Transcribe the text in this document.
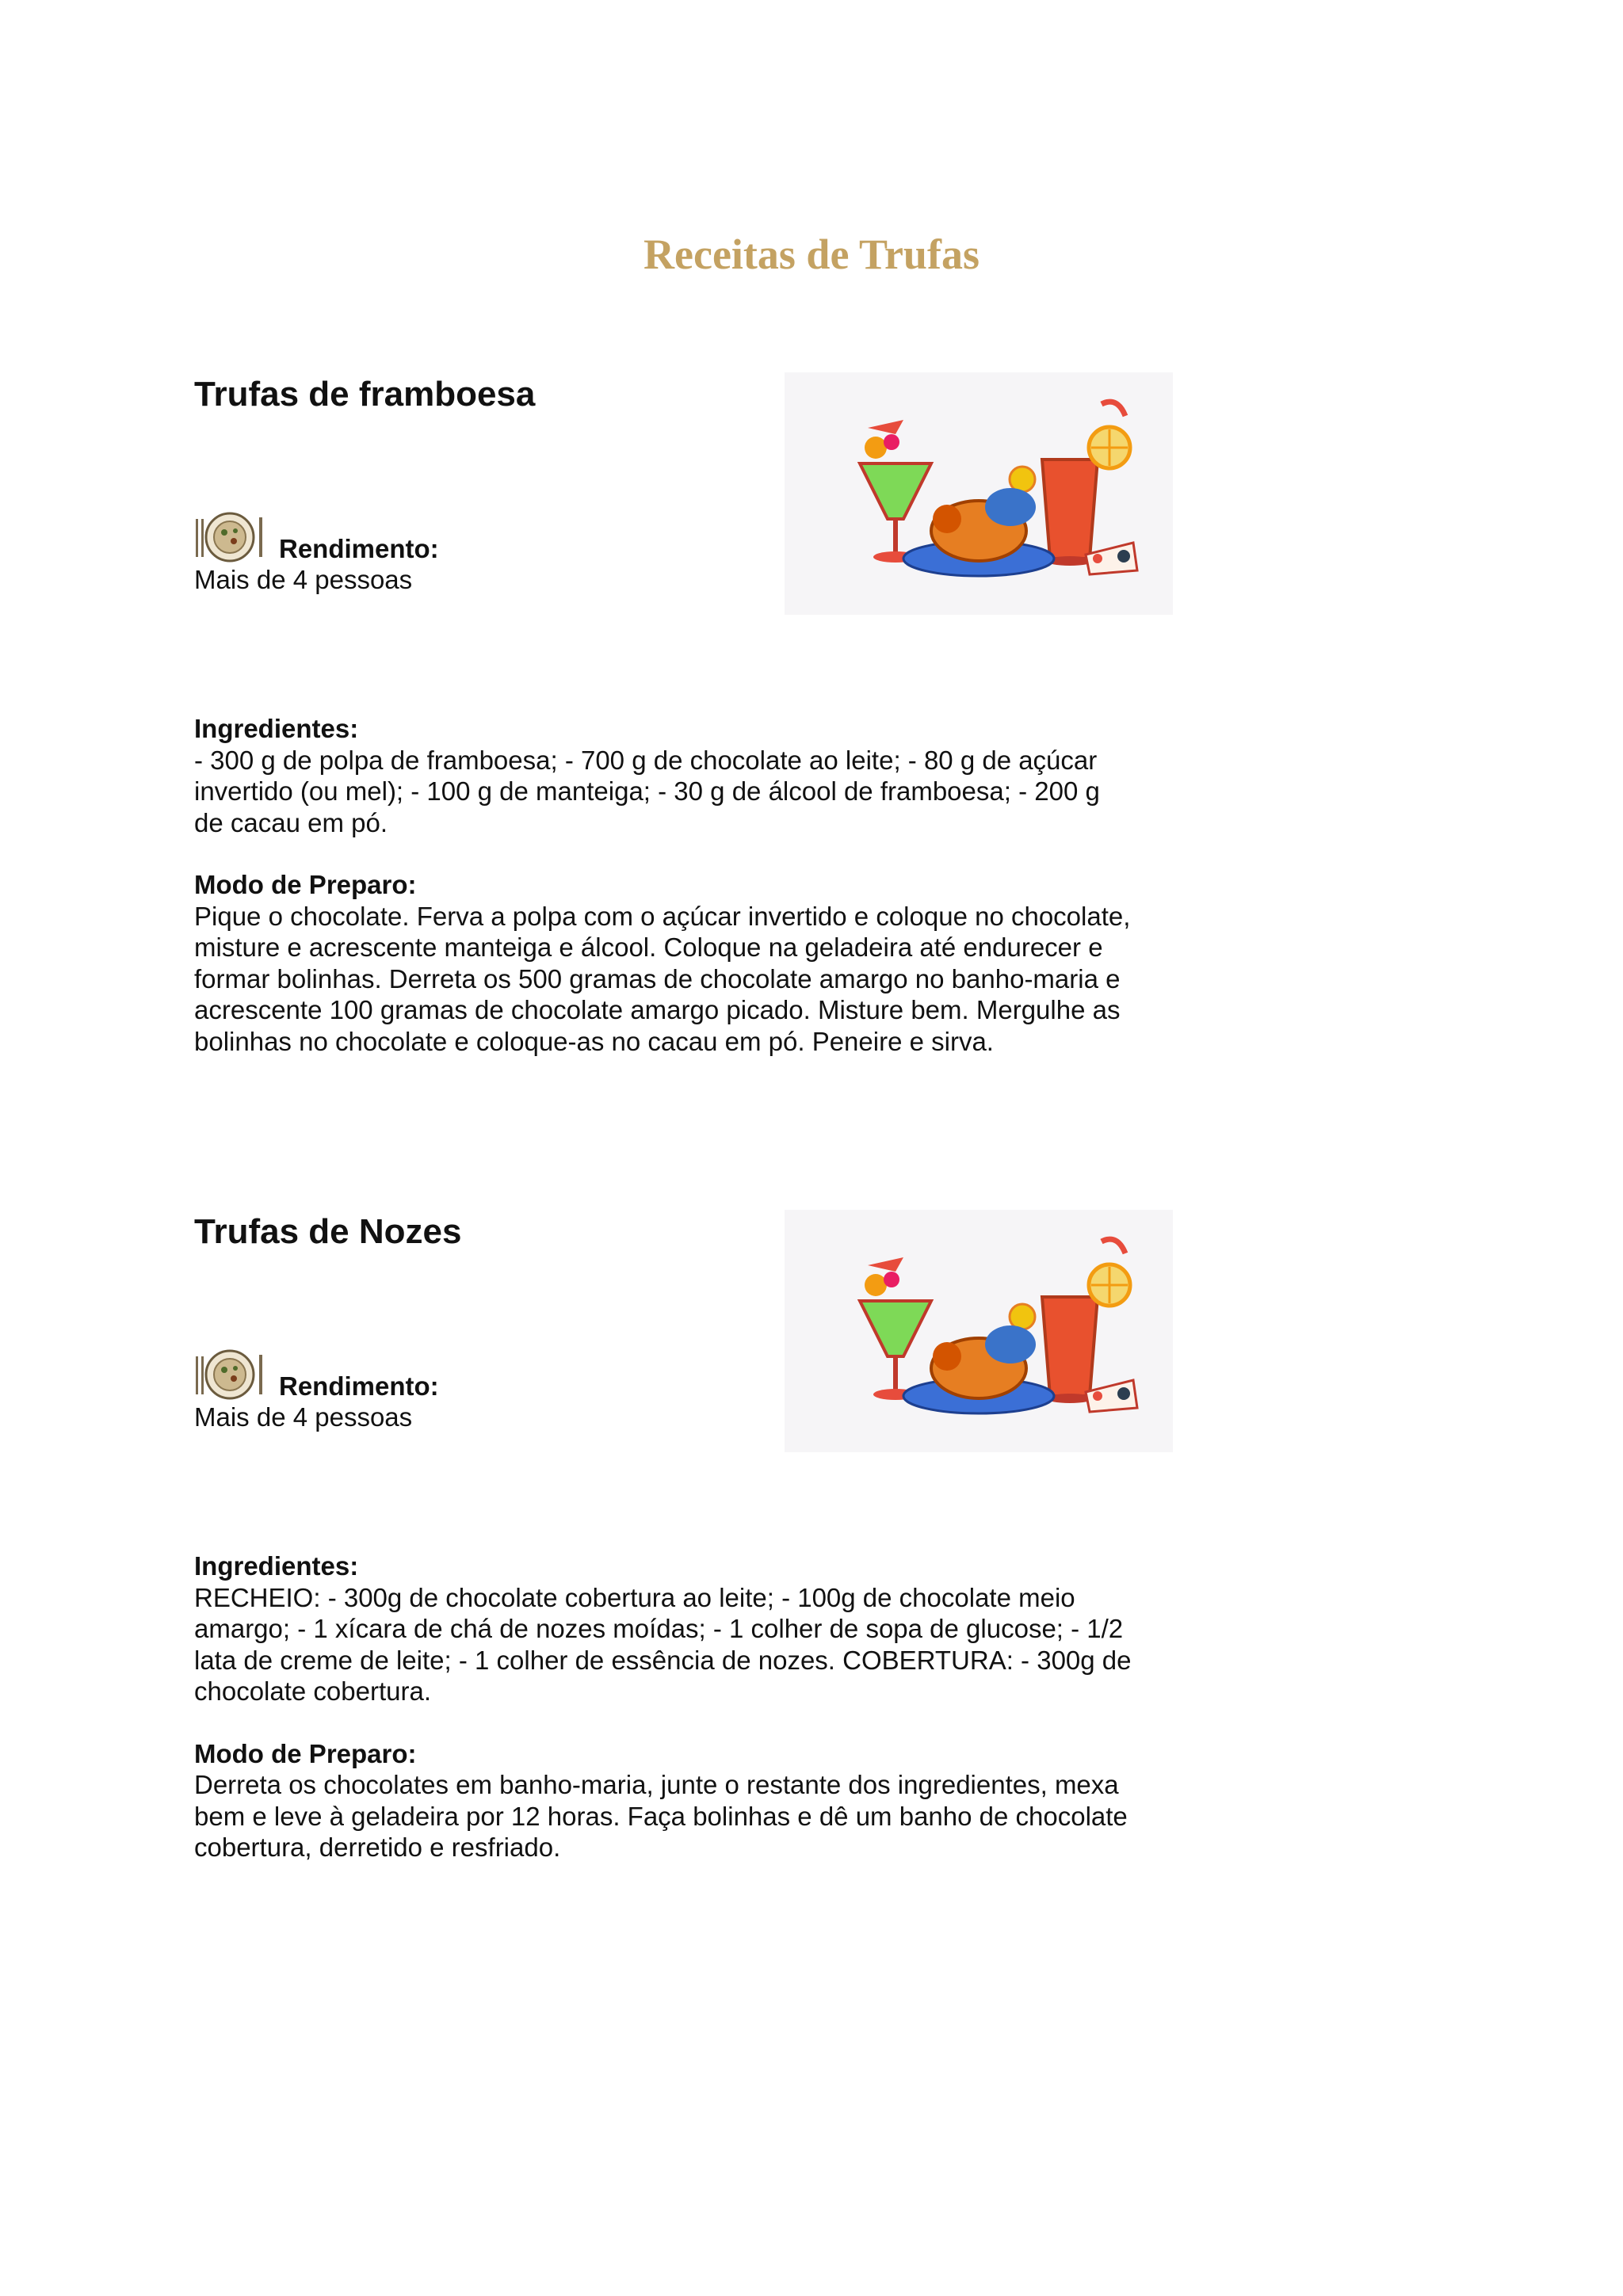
Receitas de Trufas
Trufas de framboesa
Rendimento:
Mais de 4 pessoas
Ingredientes:
- 300 g de polpa de framboesa; - 700 g de chocolate ao leite; - 80 g de açúcar
invertido (ou mel); - 100 g de manteiga; - 30 g de álcool de framboesa; - 200 g
de cacau em pó.
Modo de Preparo:
Pique o chocolate. Ferva a polpa com o açúcar invertido e coloque no chocolate,
misture e acrescente manteiga e álcool. Coloque na geladeira até endurecer e
formar bolinhas. Derreta os 500 gramas de chocolate amargo no banho-maria e
acrescente 100 gramas de chocolate amargo picado. Misture bem. Mergulhe as
bolinhas no chocolate e coloque-as no cacau em pó. Peneire e sirva.
Trufas de Nozes
Rendimento:
Mais de 4 pessoas
Ingredientes:
RECHEIO: - 300g de chocolate cobertura ao leite; - 100g de chocolate meio
amargo; - 1 xícara de chá de nozes moídas; - 1 colher de sopa de glucose; - 1/2
lata de creme de leite; - 1 colher de essência de nozes. COBERTURA: - 300g de
chocolate cobertura.
Modo de Preparo:
Derreta os chocolates em banho-maria, junte o restante dos ingredientes, mexa
bem e leve à geladeira por 12 horas. Faça bolinhas e dê um banho de chocolate
cobertura, derretido e resfriado.
